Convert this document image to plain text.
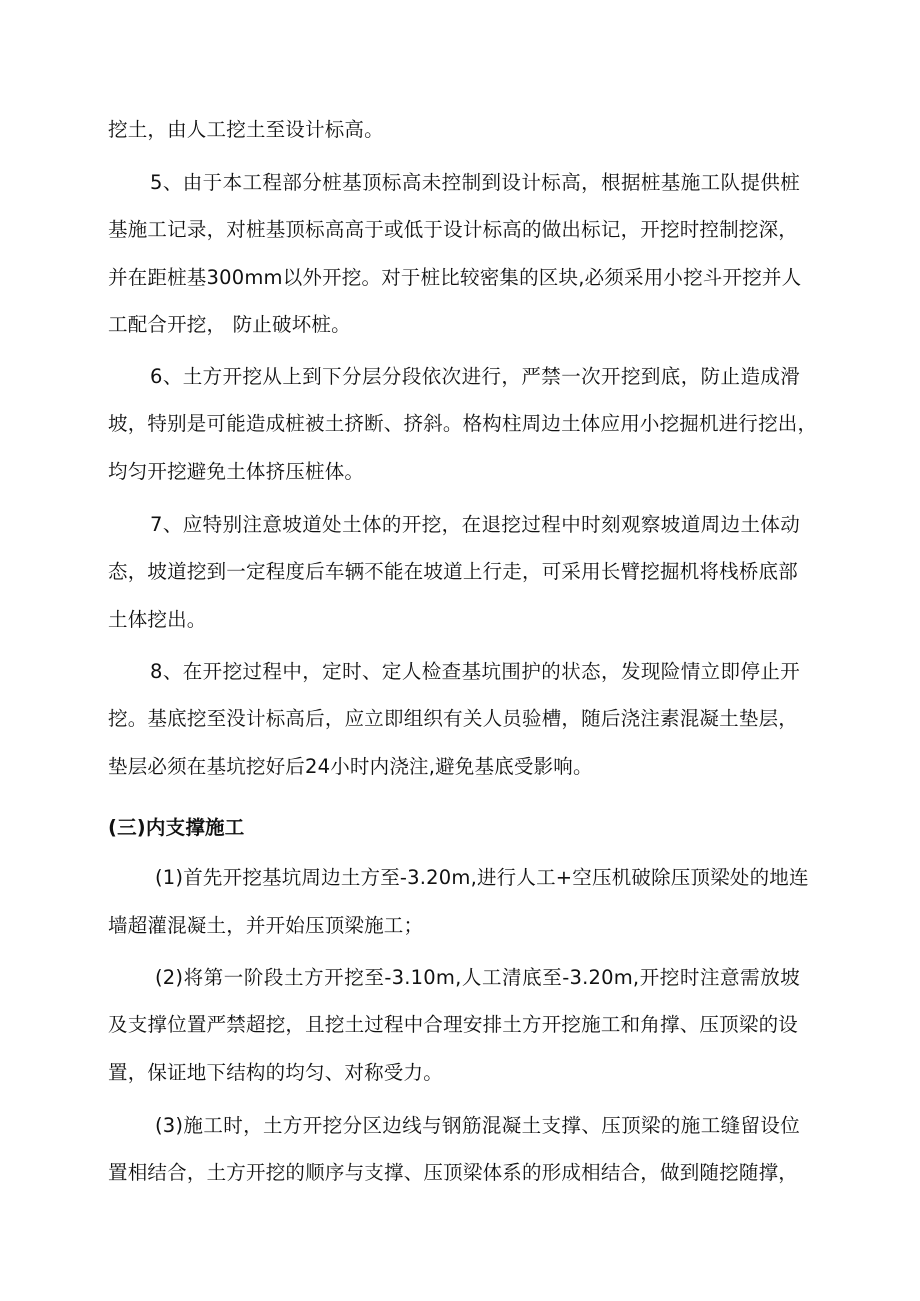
挖土，由人工挖土至设计标高。

5、由于本工程部分桩基顶标高未控制到设计标高，根据桩基施工队提供桩

基施工记录，对桩基顶标高高于或低于设计标高的做出标记，开挖时控制挖深，

并在距桩基300mm以外开挖。对于桩比较密集的区块,必须采用小挖斗开挖并人

工配合开挖， 防止破坏桩。

6、土方开挖从上到下分层分段依次进行，严禁一次开挖到底，防止造成滑

坡，特别是可能造成桩被土挤断、挤斜。格构柱周边土体应用小挖掘机进行挖出，

均匀开挖避免土体挤压桩体。

7、应特别注意坡道处土体的开挖，在退挖过程中时刻观察坡道周边土体动

态，坡道挖到一定程度后车辆不能在坡道上行走，可采用长臂挖掘机将栈桥底部

土体挖出。

8、在开挖过程中，定时、定人检查基坑围护的状态，发现险情立即停止开

挖。基底挖至没计标高后，应立即组织有关人员验槽，随后浇注素混凝土垫层，

垫层必须在基坑挖好后24小时内浇注,避免基底受影响。

(三)内支撑施工

(1)首先开挖基坑周边土方至-3.20m,进行人工+空压机破除压顶梁处的地连

墙超灌混凝土，并开始压顶梁施工；

(2)将第一阶段土方开挖至-3.10m,人工清底至-3.20m,开挖时注意需放坡

及支撑位置严禁超挖，且挖土过程中合理安排土方开挖施工和角撑、压顶梁的设

置，保证地下结构的均匀、对称受力。

(3)施工时，土方开挖分区边线与钢筋混凝土支撑、压顶梁的施工缝留设位

置相结合，土方开挖的顺序与支撑、压顶梁体系的形成相结合，做到随挖随撑，
